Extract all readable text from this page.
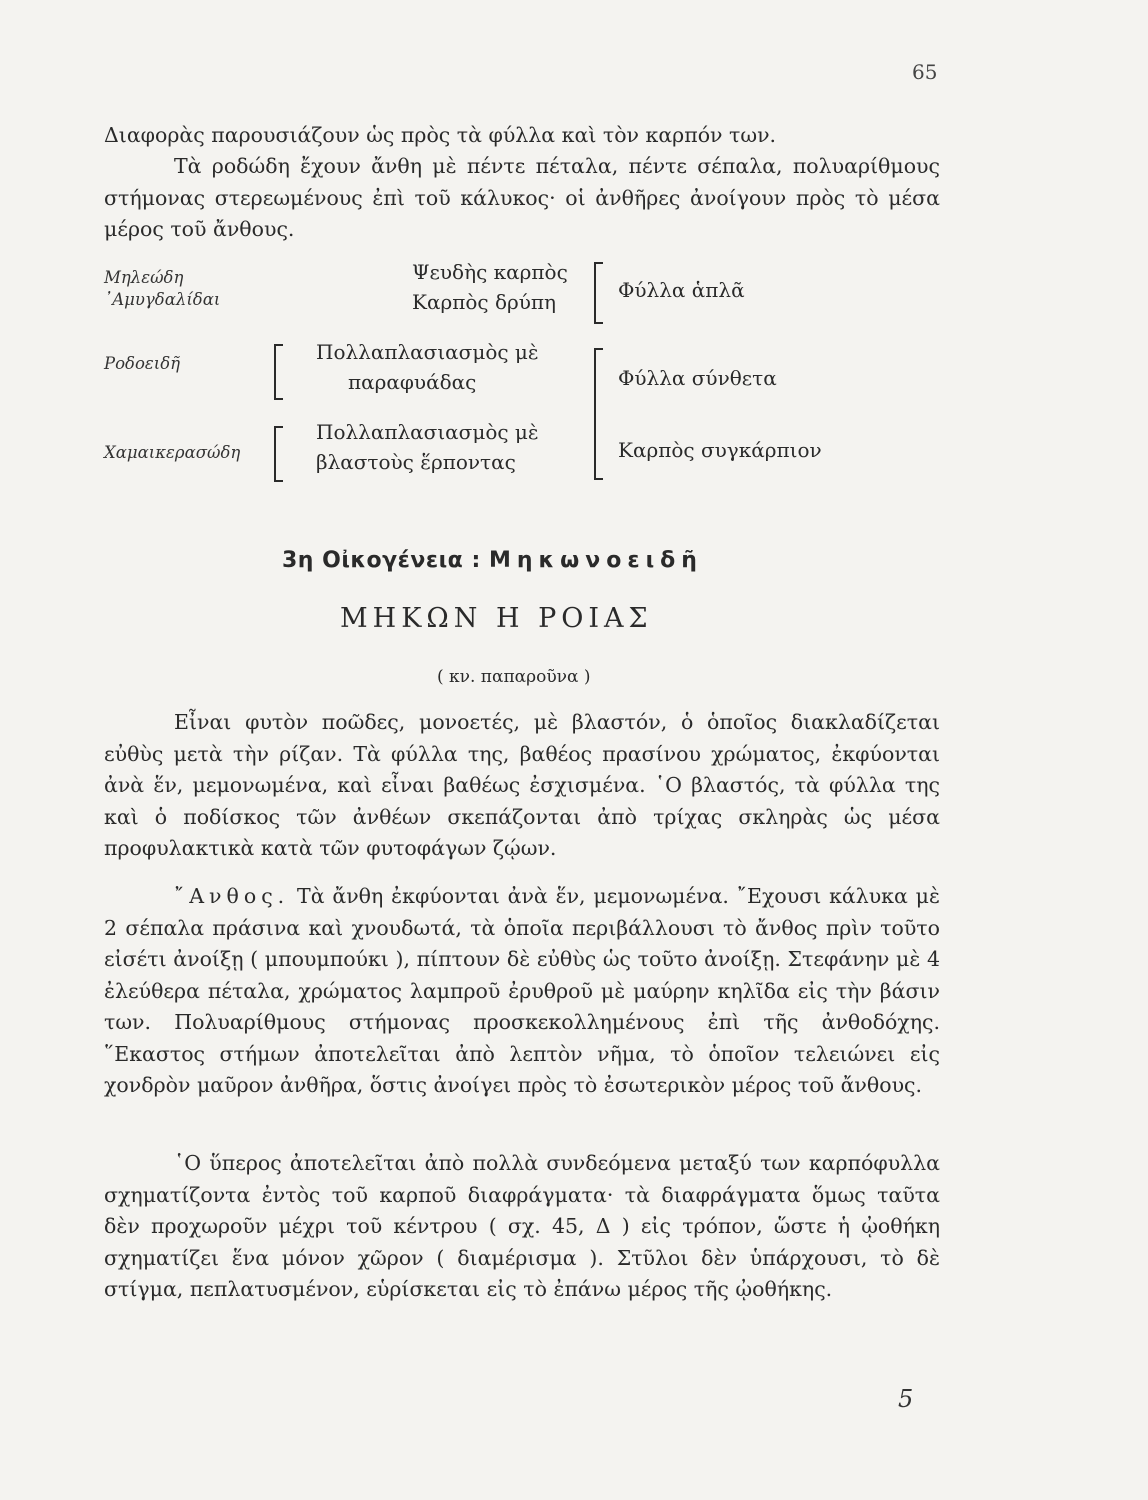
65
Διαφορὰς παρουσιάζουν ὡς πρὸς τὰ φύλλα καὶ τὸν καρπόν των.
Τὰ ροδώδη ἔχουν ἄνθη μὲ πέντε πέταλα, πέντε σέπαλα, πολυαρίθμους στήμονας στερεωμένους ἐπὶ τοῦ κάλυκος· οἱ ἀνθῆρες ἀνοίγουν πρὸς τὸ μέσα μέρος τοῦ ἄνθους.
Μηλεώδη
᾿Αμυγδαλίδαι
Ροδοειδῆ
Χαμαικερασώδη
Ψευδὴς καρπὸς
Καρπὸς δρύπη
Πολλαπλασιασμὸς μὲ
παραφυάδας
Πολλαπλασιασμὸς μὲ
βλαστοὺς ἕρποντας
Φύλλα ἁπλᾶ
Φύλλα σύνθετα
Καρπὸς συγκάρπιον
3η Οἰκογένεια : Μηκωνοειδῆ
ΜΗΚΩΝ Η ΡΟΙΑΣ
( κν. παπαροῦνα )
Εἶναι φυτὸν ποῶδες, μονοετές, μὲ βλαστόν, ὁ ὁποῖος διακλαδίζεται εὐθὺς μετὰ τὴν ρίζαν. Τὰ φύλλα της, βαθέος πρασίνου χρώματος, ἐκφύονται ἀνὰ ἕν, μεμονωμένα, καὶ εἶναι βαθέως ἐσχισμένα. ῾Ο βλαστός, τὰ φύλλα της καὶ ὁ ποδίσκος τῶν ἀνθέων σκεπάζονται ἀπὸ τρίχας σκληρὰς ὡς μέσα προφυλακτικὰ κατὰ τῶν φυτοφάγων ζῴων.
῎Ανθος. Τὰ ἄνθη ἐκφύονται ἀνὰ ἕν, μεμονωμένα. ῎Εχουσι κάλυκα μὲ 2 σέπαλα πράσινα καὶ χνουδωτά, τὰ ὁποῖα περιβάλλουσι τὸ ἄνθος πρὶν τοῦτο εἰσέτι ἀνοίξῃ ( μπουμπούκι ), πίπτουν δὲ εὐθὺς ὡς τοῦτο ἀνοίξῃ. Στεφάνην μὲ 4 ἐλεύθερα πέταλα, χρώματος λαμπροῦ ἐρυθροῦ μὲ μαύρην κηλῖδα εἰς τὴν βάσιν των. Πολυαρίθμους στήμονας προσκεκολλημένους ἐπὶ τῆς ἀνθοδόχης. ῞Εκαστος στήμων ἀποτελεῖται ἀπὸ λεπτὸν νῆμα, τὸ ὁποῖον τελειώνει εἰς χονδρὸν μαῦρον ἀνθῆρα, ὅστις ἀνοίγει πρὸς τὸ ἐσωτερικὸν μέρος τοῦ ἄνθους.
῾Ο ὕπερος ἀποτελεῖται ἀπὸ πολλὰ συνδεόμενα μεταξύ των καρπόφυλλα σχηματίζοντα ἐντὸς τοῦ καρποῦ διαφράγματα· τὰ διαφράγματα ὅμως ταῦτα δὲν προχωροῦν μέχρι τοῦ κέντρου ( σχ. 45, Δ ) εἰς τρόπον, ὥστε ἡ ᾠοθήκη σχηματίζει ἕνα μόνον χῶρον ( διαμέρισμα ). Στῦλοι δὲν ὑπάρχουσι, τὸ δὲ στίγμα, πεπλατυσμένον, εὑρίσκεται εἰς τὸ ἐπάνω μέρος τῆς ᾠοθήκης.
5
